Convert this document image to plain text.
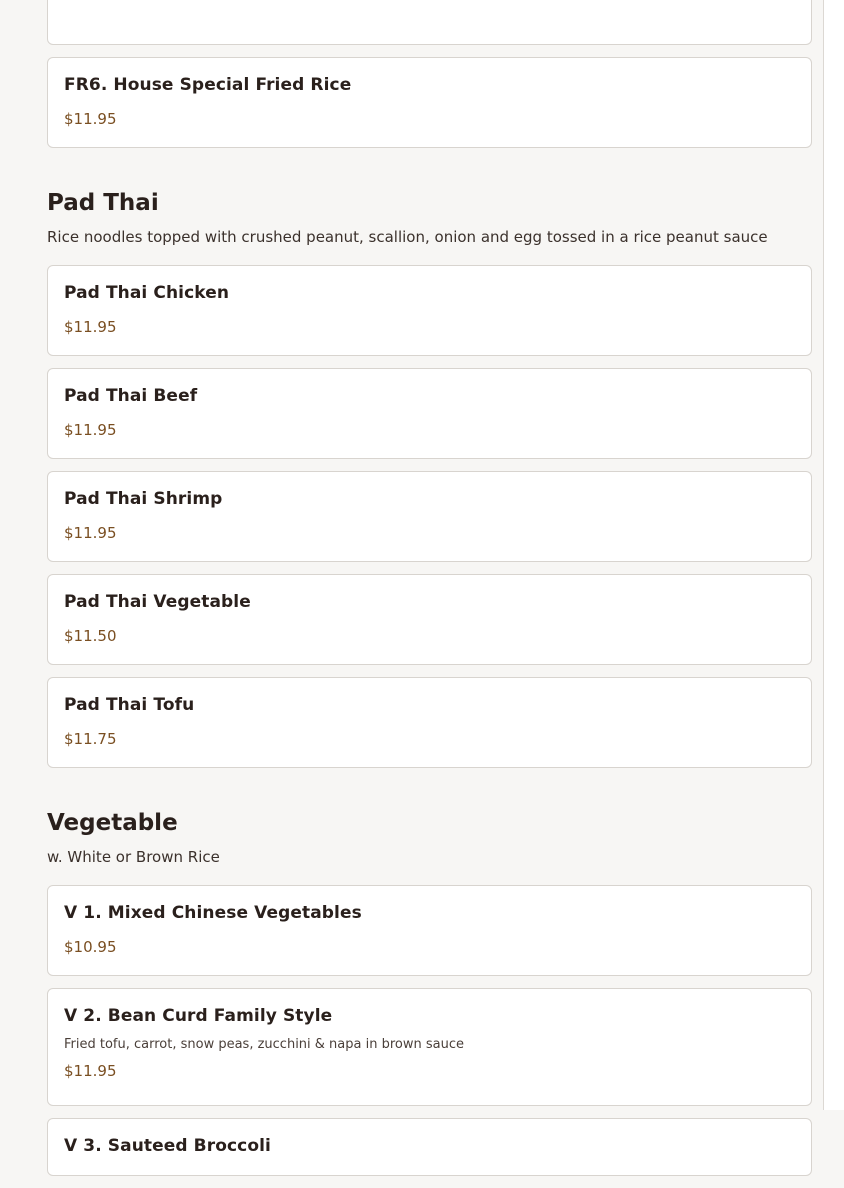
FR6. House Special Fried Rice
$11.95
Pad Thai
Rice noodles topped with crushed peanut, scallion, onion and egg tossed in a rice peanut sauce
Pad Thai Chicken
$11.95
Pad Thai Beef
$11.95
Pad Thai Shrimp
$11.95
Pad Thai Vegetable
$11.50
Pad Thai Tofu
$11.75
Vegetable
w. White or Brown Rice
V 1. Mixed Chinese Vegetables
$10.95
V 2. Bean Curd Family Style
Fried tofu, carrot, snow peas, zucchini & napa in brown sauce
$11.95
V 3. Sauteed Broccoli
